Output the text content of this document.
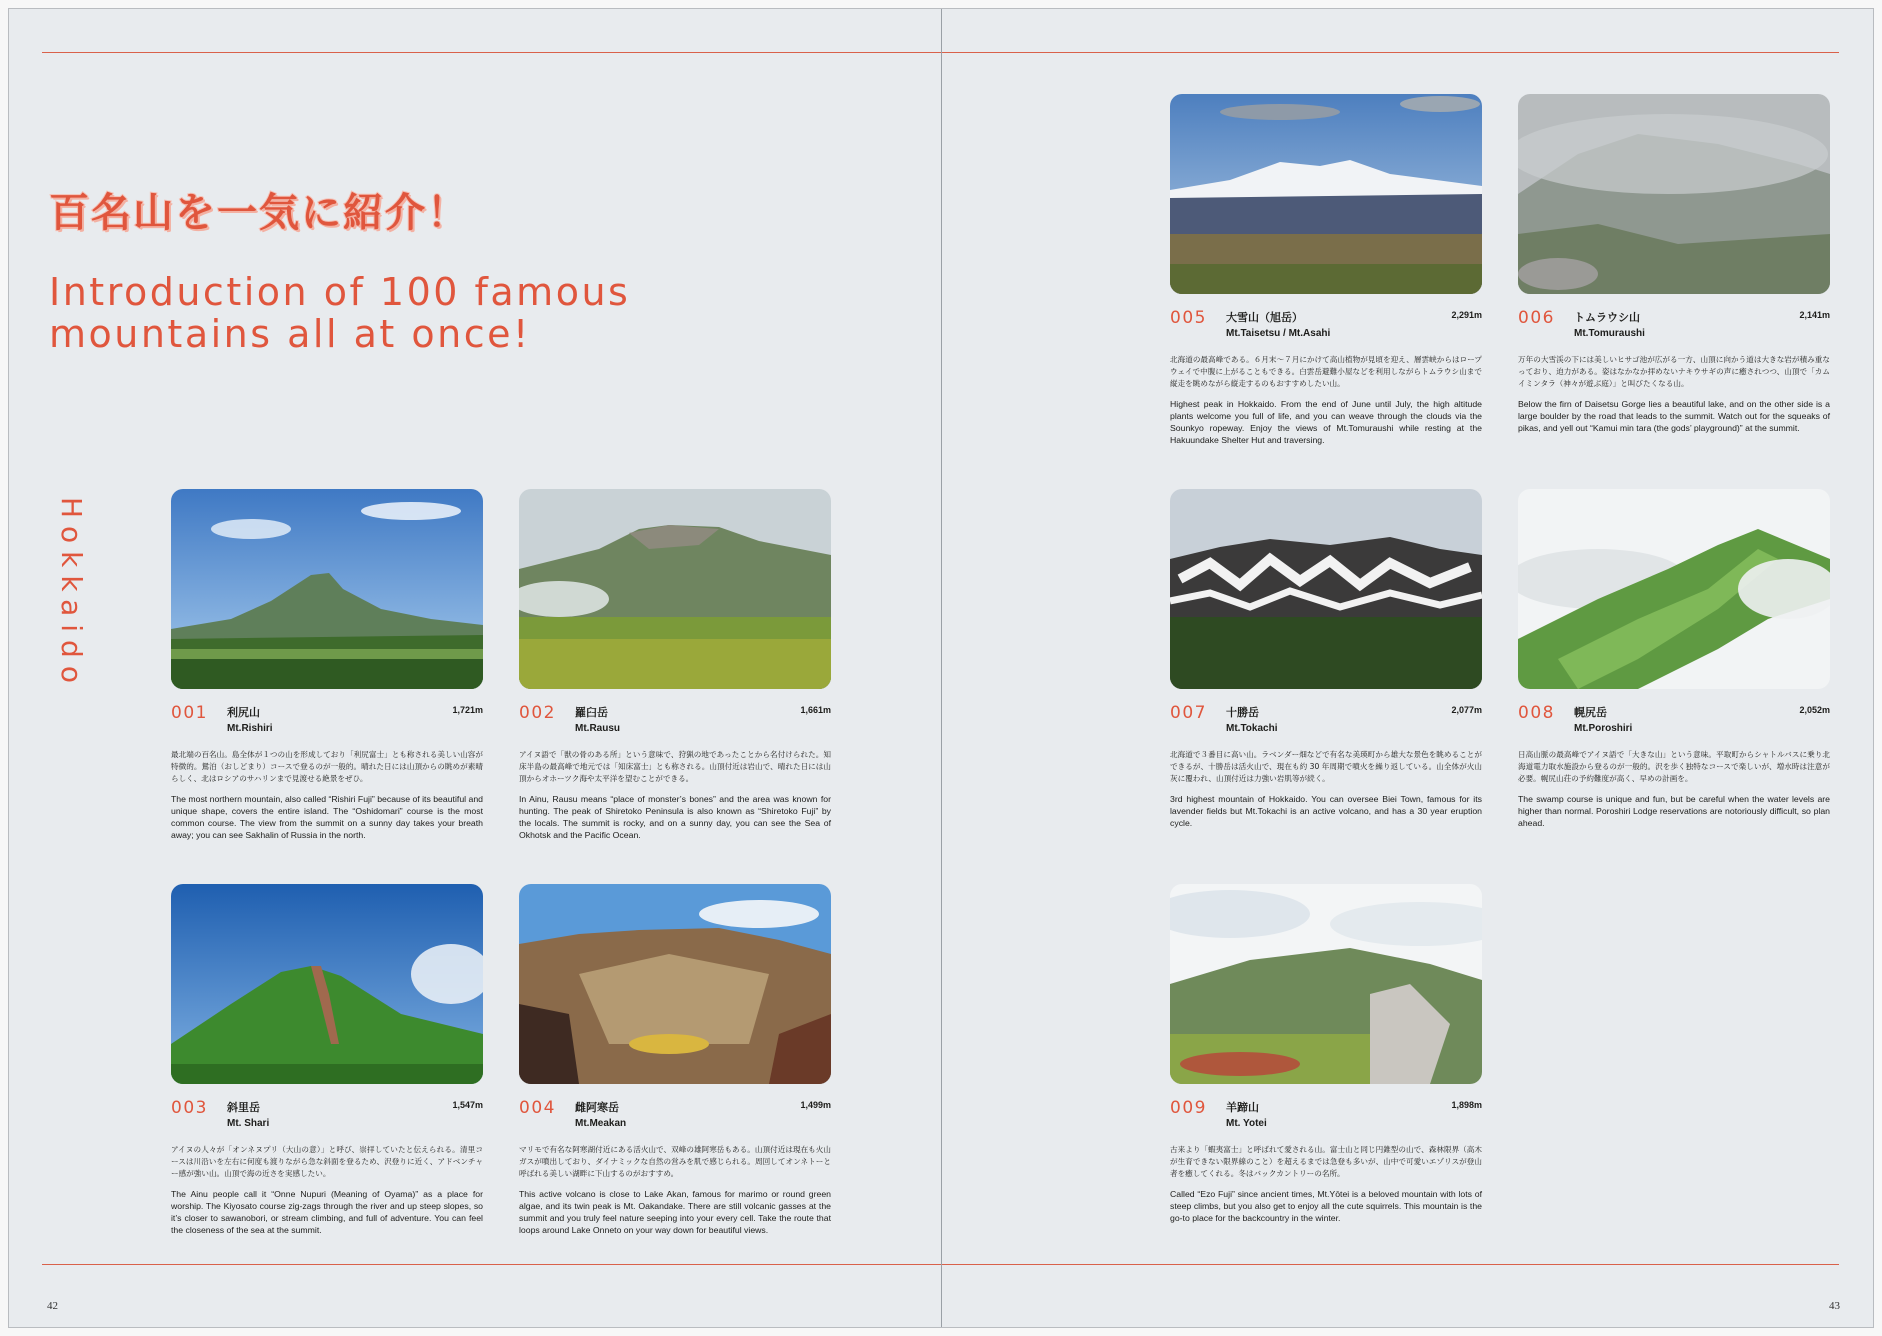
百名山を一気に紹介！
Introduction of 100 famous mountains all at once!
Hokkaido
001 利尻山	1,721m
Mt.Rishiri

最北端の百名山。島全体が１つの山を形成しており「利尻富士」とも称される美しい山容が特徴的。鴛泊（おしどまり）コースで登るのが一般的。晴れた日には山頂からの眺めが素晴らしく、北はロシアのサハリンまで見渡せる絶景をぜひ。

The most northern mountain, also called “Rishiri Fuji” because of its beautiful and unique shape, covers the entire island. The “Oshidomari” course is the most common course. The view from the summit on a sunny day takes your breath away; you can see Sakhalin of Russia in the north.

002 羅臼岳	1,661m
Mt.Rausu

アイヌ語で「獣の骨のある所」という意味で、狩猟の地であったことから名付けられた。知床半島の最高峰で地元では「知床富士」とも称される。山頂付近は岩山で、晴れた日には山頂からオホーツク海や太平洋を望むことができる。

In Ainu, Rausu means “place of monster’s bones” and the area was known for hunting. The peak of Shiretoko Peninsula is also known as “Shiretoko Fuji” by the locals. The summit is rocky, and on a sunny day, you can see the Sea of Okhotsk and the Pacific Ocean.

003 斜里岳	1,547m
Mt. Shari

アイヌの人々が「オンネヌプリ（大山の意）」と呼び、崇拝していたと伝えられる。清里コースは川沿いを左右に何度も渡りながら急な斜面を登るため、沢登りに近く、アドベンチャー感が強い山。山頂で海の近さを実感したい。

The Ainu people call it “Onne Nupuri (Meaning of Oyama)” as a place for worship. The Kiyosato course zig-zags through the river and up steep slopes, so it’s closer to sawanobori, or stream climbing, and full of adventure. You can feel the closeness of the sea at the summit.

004 雌阿寒岳	1,499m
Mt.Meakan

マリモで有名な阿寒湖付近にある活火山で、双峰の雄阿寒岳もある。山頂付近は現在も火山ガスが噴出しており、ダイナミックな自然の営みを肌で感じられる。周回してオンネトーと呼ばれる美しい湖畔に下山するのがおすすめ。

This active volcano is close to Lake Akan, famous for marimo or round green algae, and its twin peak is Mt. Oakandake. There are still volcanic gasses at the summit and you truly feel nature seeping into your every cell. Take the route that loops around Lake Onneto on your way down for beautiful views.

42
005 大雪山（旭岳）	2,291m
Mt.Taisetsu / Mt.Asahi

北海道の最高峰である。６月末〜７月にかけて高山植物が見頃を迎え、層雲峡からはロープウェイで中腹に上がることもできる。白雲岳避難小屋などを利用しながらトムラウシ山まで縦走を眺めながら縦走するのもおすすめしたい山。

Highest peak in Hokkaido. From the end of June until July, the high altitude plants welcome you full of life, and you can weave through the clouds via the Sounkyo ropeway. Enjoy the views of Mt.Tomuraushi while resting at the Hakuundake Shelter Hut and traversing.

006 トムラウシ山	2,141m
Mt.Tomuraushi

万年の大雪渓の下には美しいヒサゴ池が広がる一方、山頂に向かう道は大きな岩が積み重なっており、迫力がある。姿はなかなか拝めないナキウサギの声に癒されつつ、山頂で「カムイミンタラ（神々が遊ぶ庭）」と叫びたくなる山。

Below the firn of Daisetsu Gorge lies a beautiful lake, and on the other side is a large boulder by the road that leads to the summit. Watch out for the squeaks of pikas, and yell out “Kamui min tara (the gods’ playground)” at the summit.

007 十勝岳	2,077m
Mt.Tokachi

北海道で３番目に高い山。ラベンダー畑などで有名な美瑛町から雄大な景色を眺めることができるが、十勝岳は活火山で、現在も約 30 年周期で噴火を繰り返している。山全体が火山灰に覆われ、山頂付近は力強い岩肌等が続く。

3rd highest mountain of Hokkaido. You can oversee Biei Town, famous for its lavender fields but Mt.Tokachi is an active volcano, and has a 30 year eruption cycle.

008 幌尻岳	2,052m
Mt.Poroshiri

日高山脈の最高峰でアイヌ語で「大きな山」という意味。平取町からシャトルバスに乗り北海道電力取水施設から登るのが一般的。沢を歩く独特なコースで楽しいが、増水時は注意が必要。幌尻山荘の予約難度が高く、早めの計画を。

The swamp course is unique and fun, but be careful when the water levels are higher than normal. Poroshiri Lodge reservations are notoriously difficult, so plan ahead.

009 羊蹄山	1,898m
Mt. Yotei

古来より「蝦夷富士」と呼ばれて愛される山。富士山と同じ円錐型の山で、森林限界（高木が生育できない限界線のこと）を超えるまでは急登も多いが、山中で可愛いエゾリスが登山者を癒してくれる。冬はバックカントリーの名所。

Called “Ezo Fuji” since ancient times, Mt.Yōtei is a beloved mountain with lots of steep climbs, but you also get to enjoy all the cute squirrels. This mountain is the go-to place for the backcountry in the winter.

43
